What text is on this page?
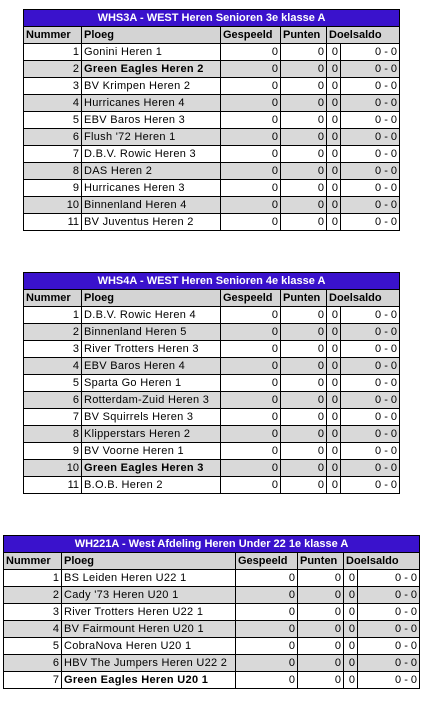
WHS3A - WEST Heren Senioren 3e klasse A					
Nummer	Ploeg	Gespeeld	Punten	Doelsaldo	
1	Gonini Heren 1	0	0	0	0 - 0
2	Green Eagles Heren 2	0	0	0	0 - 0
3	BV Krimpen Heren 2	0	0	0	0 - 0
4	Hurricanes Heren 4	0	0	0	0 - 0
5	EBV Baros Heren 3	0	0	0	0 - 0
6	Flush '72 Heren 1	0	0	0	0 - 0
7	D.B.V. Rowic Heren 3	0	0	0	0 - 0
8	DAS Heren 2	0	0	0	0 - 0
9	Hurricanes Heren 3	0	0	0	0 - 0
10	Binnenland Heren 4	0	0	0	0 - 0
11	BV Juventus Heren 2	0	0	0	0 - 0
WHS4A - WEST Heren Senioren 4e klasse A					
Nummer	Ploeg	Gespeeld	Punten	Doelsaldo	
1	D.B.V. Rowic Heren 4	0	0	0	0 - 0
2	Binnenland Heren 5	0	0	0	0 - 0
3	River Trotters Heren 3	0	0	0	0 - 0
4	EBV Baros Heren 4	0	0	0	0 - 0
5	Sparta Go Heren 1	0	0	0	0 - 0
6	Rotterdam-Zuid Heren 3	0	0	0	0 - 0
7	BV Squirrels Heren 3	0	0	0	0 - 0
8	Klipperstars Heren 2	0	0	0	0 - 0
9	BV Voorne Heren 1	0	0	0	0 - 0
10	Green Eagles Heren 3	0	0	0	0 - 0
11	B.O.B. Heren 2	0	0	0	0 - 0
WH221A - West Afdeling Heren Under 22 1e klasse A					
Nummer	Ploeg	Gespeeld	Punten	Doelsaldo	
1	BS Leiden Heren U22 1	0	0	0	0 - 0
2	Cady '73 Heren U20 1	0	0	0	0 - 0
3	River Trotters Heren U22 1	0	0	0	0 - 0
4	BV Fairmount Heren U20 1	0	0	0	0 - 0
5	CobraNova Heren U20 1	0	0	0	0 - 0
6	HBV The Jumpers Heren U22 2	0	0	0	0 - 0
7	Green Eagles Heren U20 1	0	0	0	0 - 0
